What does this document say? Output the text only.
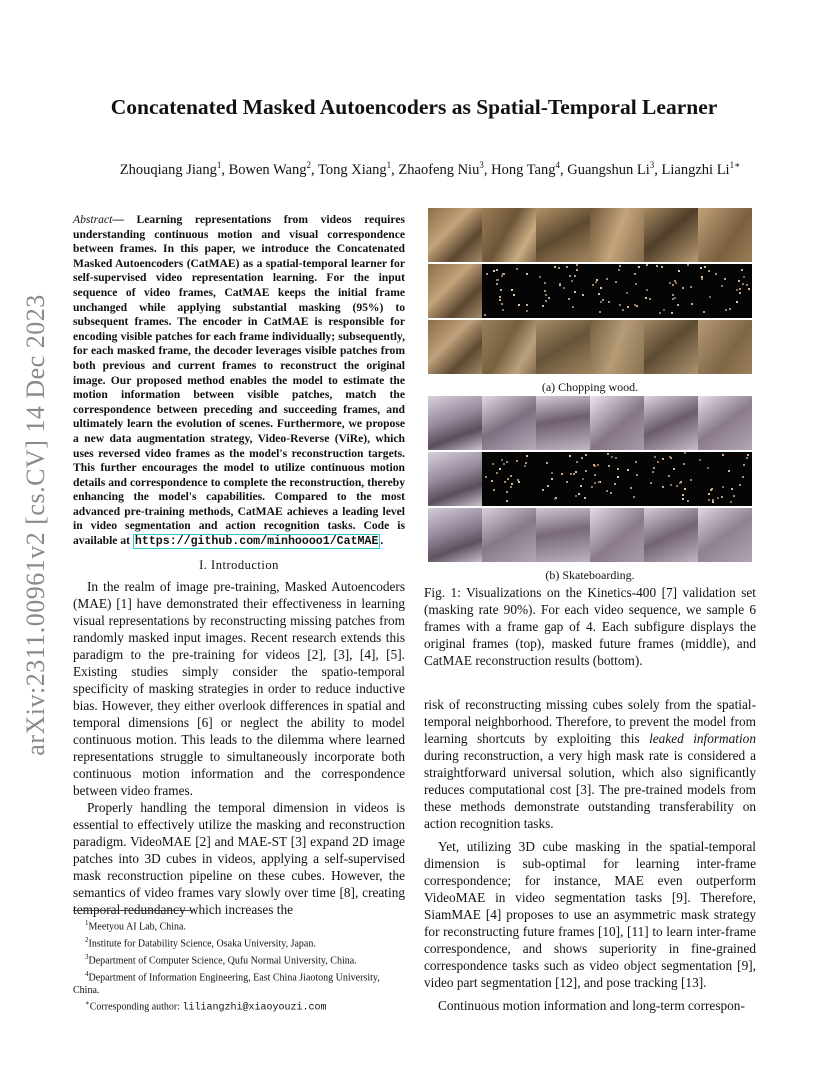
arXiv:2311.00961v2 [cs.CV] 14 Dec 2023
Concatenated Masked Autoencoders as Spatial-Temporal Learner
Zhouqiang Jiang$^1$, Bowen Wang$^2$, Tong Xiang$^1$, Zhaofeng Niu$^3$, Hong Tang$^4$, Guangshun Li$^3$, Liangzhi $Li^{1∗}$
Abstract— Learning representations from videos requires understanding continuous motion and visual correspondence between frames. In this paper, we introduce the Concatenated Masked Autoencoders (CatMAE) as a spatial-temporal learner for self-supervised video representation learning. For the input sequence of video frames, CatMAE keeps the initial frame unchanged while applying substantial masking (95%) to subsequent frames. The encoder in CatMAE is responsible for encoding visible patches for each frame individually; subsequently, for each masked frame, the decoder leverages visible patches from both previous and current frames to reconstruct the original image. Our proposed method enables the model to estimate the motion information between visible patches, match the correspondence between preceding and succeeding frames, and ultimately learn the evolution of scenes. Furthermore, we propose a new data augmentation strategy, Video-Reverse (ViRe), which uses reversed video frames as the model's reconstruction targets. This further encourages the model to utilize continuous motion details and correspondence to complete the reconstruction, thereby enhancing the model's capabilities. Compared to the most advanced pre-training methods, CatMAE achieves a leading level in video segmentation and action recognition tasks. Code is available at https://github.com/minhoooo1/CatMAE .
I. Introduction

In the realm of image pre-training, Masked Autoencoders (MAE) [1] have demonstrated their effectiveness in learning visual representations by reconstructing missing patches from randomly masked input images. Recent research extends this paradigm to the pre-training for videos [2], [3], [4], [5]. Existing studies simply consider the spatio-temporal specificity of masking strategies in order to reduce inductive bias. However, they either overlook differences in spatial and temporal dimensions [6] or neglect the ability to model continuous motion. This leads to the dilemma where learned representations struggle to simultaneously incorporate both continuous motion information and the correspondence between video frames.

Properly handling the temporal dimension in videos is essential to effectively utilize the masking and reconstruction paradigm. VideoMAE [2] and MAE-ST [3] expand 2D image patches into 3D cubes in videos, applying a self-supervised mask reconstruction pipeline on these cubes. However, the semantics of video frames vary slowly over time [8], creating temporal redundancy which increases the

$^1$Meetyou AI Lab, China.
$^2$Institute for Datability Science, Osaka University, Japan.
$^3$Department of Computer Science, Qufu Normal University, China.
$^4$Department of Information Engineering, East China Jiaotong University, China.
∗Corresponding author: liliangzhi@xiaoyouzi.com
(a) Chopping wood.
(b) Skateboarding.
Fig. 1: Visualizations on the Kinetics-400 [7] validation set (masking rate 90%). For each video sequence, we sample 6 frames with a frame gap of 4. Each subfigure displays the original frames (top), masked future frames (middle), and CatMAE reconstruction results (bottom).

risk of reconstructing missing cubes solely from the spatial-temporal neighborhood. Therefore, to prevent the model from learning shortcuts by exploiting this leaked information during reconstruction, a very high mask rate is considered a straightforward universal solution, which also significantly reduces computational cost [3]. The pre-trained models from these methods demonstrate outstanding transferability on action recognition tasks.

Yet, utilizing 3D cube masking in the spatial-temporal dimension is sub-optimal for learning inter-frame correspondence; for instance, MAE even outperform VideoMAE in video segmentation tasks [9]. Therefore, SiamMAE [4] proposes to use an asymmetric mask strategy for reconstructing future frames [10], [11] to learn inter-frame correspondence, and shows superiority in fine-grained correspondence tasks such as video object segmentation [9], video part segmentation [12], and pose tracking [13].

Continuous motion information and long-term correspon-
